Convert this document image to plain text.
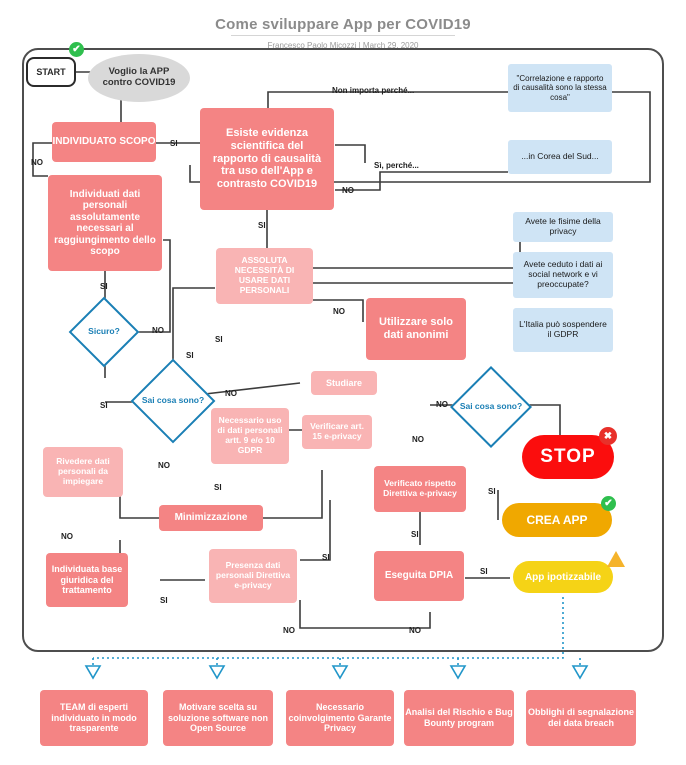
Come sviluppare App per COVID19
Francesco Paolo Micozzi | March 29, 2020
START
✔
Voglio la APP contro COVID19
INDIVIDUATO SCOPO
Esiste evidenza scientifica del rapporto di causalità tra uso dell'App e contrasto COVID19
Individuati dati personali assolutamente necessari al raggiungimento dello scopo
ASSOLUTA NECESSITÀ DI USARE DATI PERSONALI
Utilizzare solo dati anonimi
Studiare
Necessario uso di dati personali artt. 9 e/o 10 GDPR
Rivedere dati personali da impiegare
Minimizzazione
Individuata base giuridica del trattamento
Presenza dati personali Direttiva e-privacy
Verificare art. 15 e-privacy
Verificato rispetto Direttiva e-privacy
Eseguita DPIA
Sicuro?
Sai cosa sono?
Sai cosa sono?
"Correlazione e rapporto di causalità sono la stessa cosa"
...in Corea del Sud...
Avete le fisime della privacy
Avete ceduto i dati ai social network e vi preoccupate?
L'Italia può sospendere il GDPR
STOP
✖
CREA APP
✔
App ipotizzabile
SI
NO
Non importa perché...
Sì, perché...
NO
SI
SI
NO
SI
SI
SI
NO
NO
NO
NO
SI
NO
SI
NO
SI
SI
NO	NO
SI
SI
TEAM di esperti individuato in modo trasparente
Motivare scelta su soluzione software non Open Source
Necessario coinvolgimento Garante Privacy
Analisi del Rischio e Bug Bounty program
Obblighi di segnalazione dei data breach
